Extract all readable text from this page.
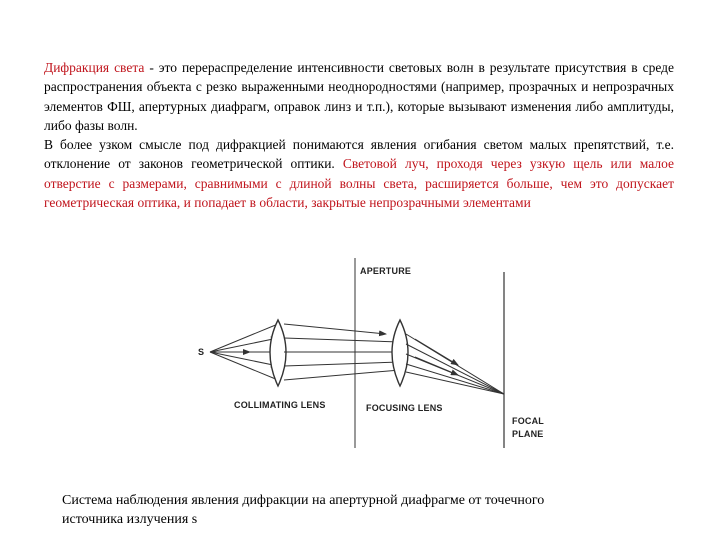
Дифракция света - это перераспределение интенсивности световых волн в результате присутствия в среде распространения объекта с резко выраженными неоднородностями (например, прозрачных и непрозрачных элементов ФШ, апертурных диафрагм, оправок линз и т.п.), которые вызывают изменения либо амплитуды, либо фазы волн.

В более узком смысле под дифракцией понимаются явления огибания светом малых препятствий, т.е. отклонение от законов геометрической оптики. Световой луч, проходя через узкую щель или малое отверстие с размерами, сравнимыми с длиной волны света, расширяется больше, чем это допускает геометрическая оптика, и попадает в области, закрытые непрозрачными элементами

S
APERTURE
COLLIMATING LENS	FOCUSING LENS
FOCAL
PLANE
Система наблюдения явления дифракции на апертурной диафрагме от точечного
источника излучения s
